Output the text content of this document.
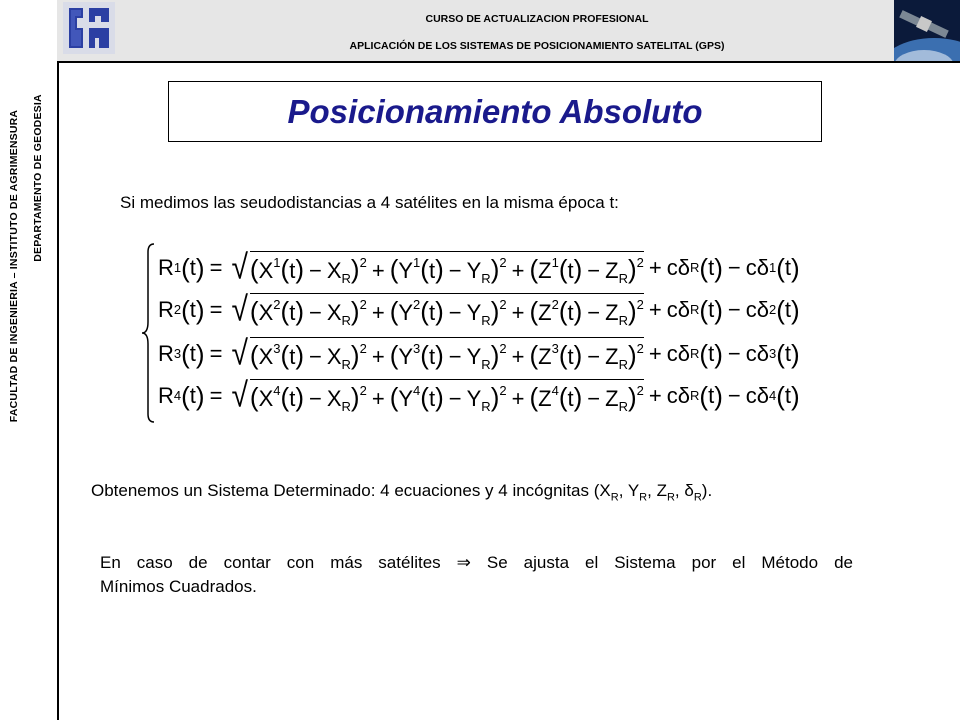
FACULTAD DE INGENIERIA – INSTITUTO DE AGRIMENSURA DEPARTAMENTO DE GEODESIA
CURSO DE ACTUALIZACION PROFESIONAL
APLICACIÓN DE LOS SISTEMAS DE POSICIONAMIENTO SATELITAL (GPS)
Posicionamiento Absoluto
Si medimos las seudodistancias a 4 satélites en la misma época t:
R 1 ( t ) = √ $(X^1(t) - X_R)^2 + (Y^1(t) - Y_R)^2 + (Z^1(t) - Z_R)^2 + c$ δ R ( t ) − c δ 1 ( t )
R 2 ( t ) = √ $(X^2(t) - X_R)^2 + (Y^2(t) - Y_R)^2 + (Z^2(t) - Z_R)^2 + c$ δ R ( t ) − c δ 2 ( t )
R 3 ( t ) = √ $(X^3(t) - X_R)^2 + (Y^3(t) - Y_R)^2 + (Z^3(t) - Z_R)^2 + c$ δ R ( t ) − c δ 3 ( t )
R 4 ( t ) = √ $(X^4(t) - X_R)^2 + (Y^4(t) - Y_R)^2 + (Z^4(t) - Z_R)^2 + c$ δ R ( t ) − c δ 4 ( t )
Obtenemos un Sistema Determinado: 4 ecuaciones y 4 incógnitas ($X_R$, $Y_R$, $Z_R$, $\delta_R$).
En caso de contar con más satélites ⇒ Se ajusta el Sistema por el Método de
Mínimos Cuadrados.
